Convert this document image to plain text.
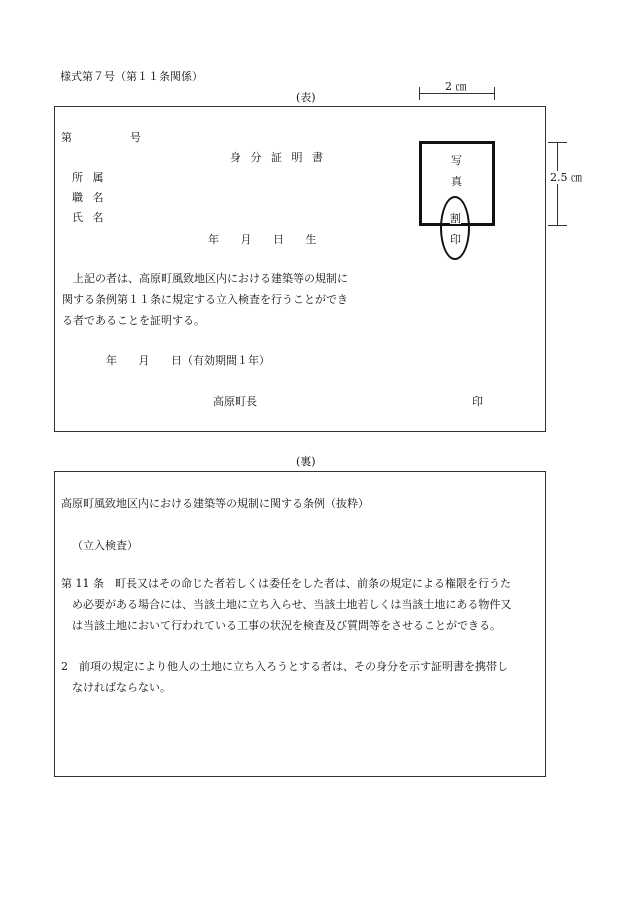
様式第７号（第１１条関係）
(表)
2 ㎝
第	号
身 分 証 明 書
所 属
職 名
氏 名
年 月 日 生
上記の者は、高原町風致地区内における建築等の規制に
関する条例第１１条に規定する立入検査を行うことができ
る者であることを証明する。
年 月 日（有効期間１年）
高原町長	印
写
真
割
印
2.5 ㎝
(裏)
高原町風致地区内における建築等の規制に関する条例（抜粋）
（立入検査）
第 11 条　町長又はその命じた者若しくは委任をした者は、前条の規定による権限を行うた
め必要がある場合には、当該土地に立ち入らせ、当該土地若しくは当該土地にある物件又
は当該土地において行われている工事の状況を検査及び質問等をさせることができる。
2　前項の規定により他人の土地に立ち入ろうとする者は、その身分を示す証明書を携帯し
なければならない。
